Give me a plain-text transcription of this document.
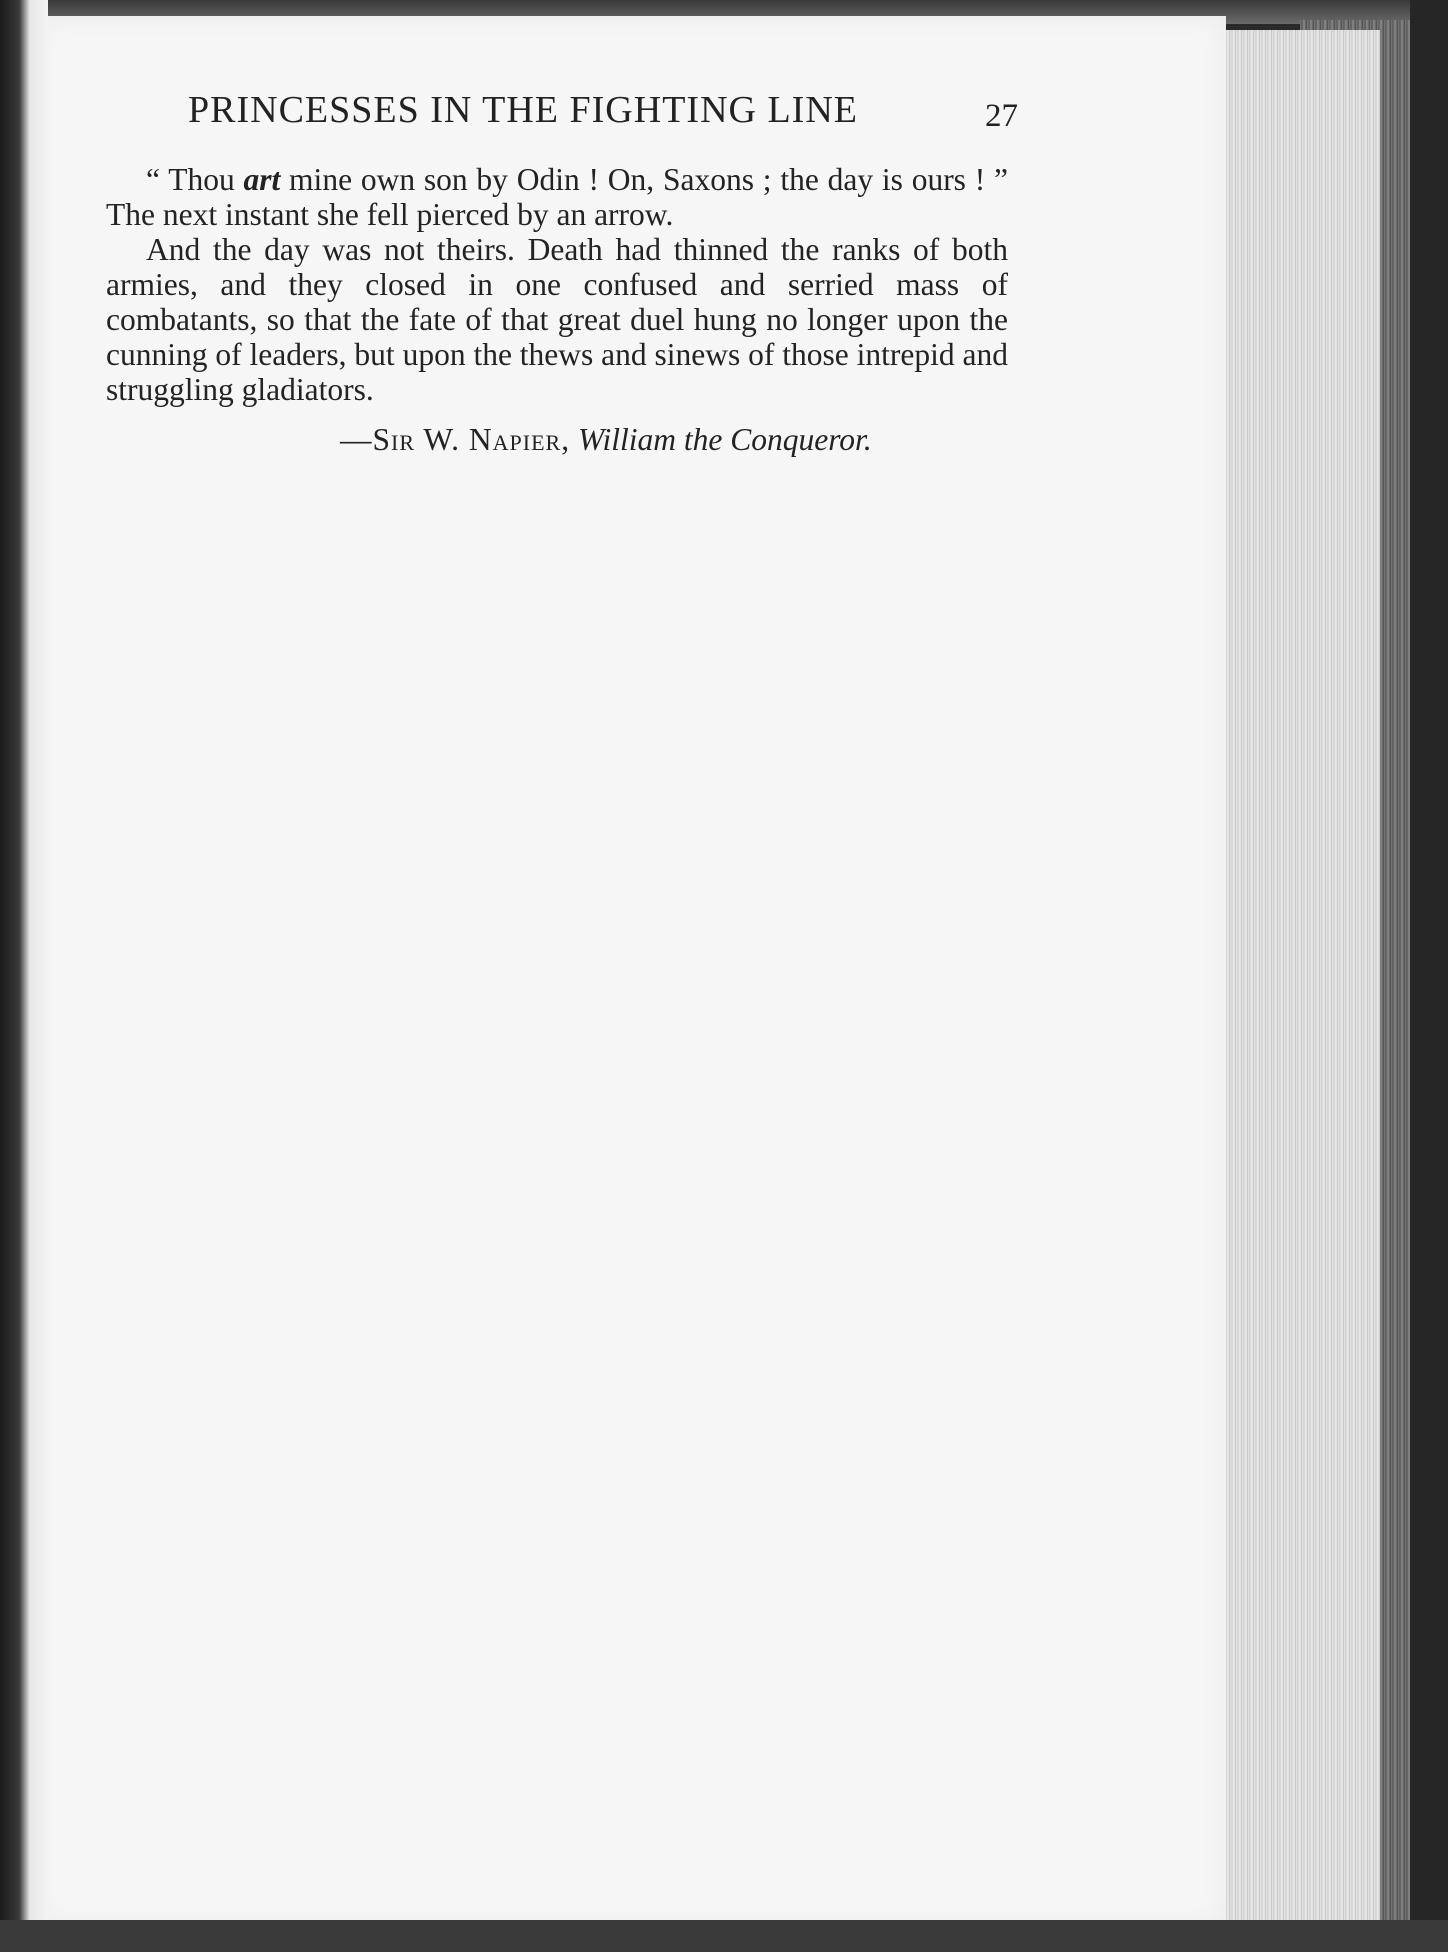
PRINCESSES IN THE FIGHTING LINE	27

“ Thou art mine own son by Odin ! On, Saxons ; the day is ours ! ” The next instant she fell pierced by an arrow.

And the day was not theirs. Death had thinned the ranks of both armies, and they closed in one confused and serried mass of combatants, so that the fate of that great duel hung no longer upon the cunning of leaders, but upon the thews and sinews of those intrepid and struggling gladiators.

—Sir W. Napier, William the Conqueror.
